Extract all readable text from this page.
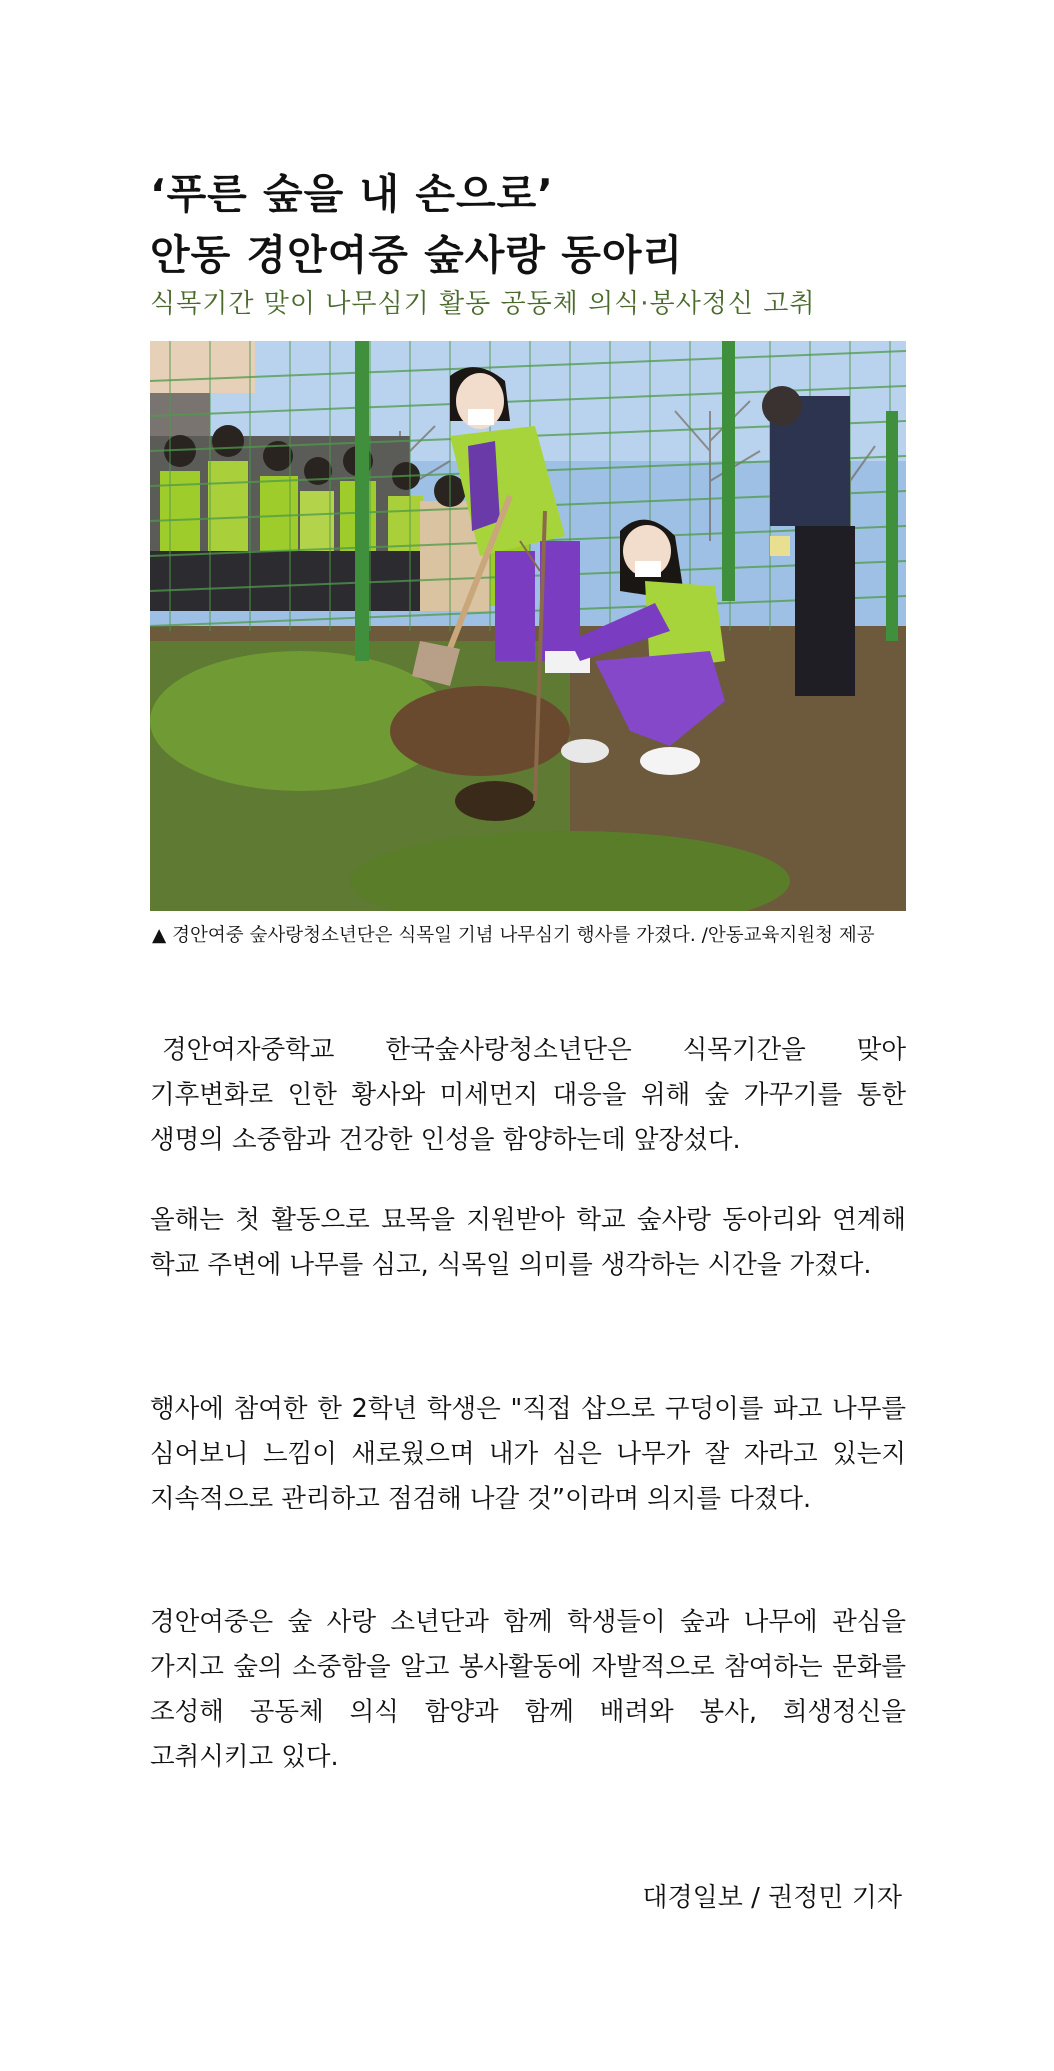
‘푸른 숲을 내 손으로’
안동 경안여중 숲사랑 동아리
식목기간 맞이 나무심기 활동 공동체 의식·봉사정신 고취
▲ 경안여중 숲사랑청소년단은 식목일 기념 나무심기 행사를 가졌다. /안동교육지원청 제공

경안여자중학교 한국숲사랑청소년단은 식목기간을 맞아 기후변화로 인한 황사와 미세먼지 대응을 위해 숲 가꾸기를 통한 생명의 소중함과 건강한 인성을 함양하는데 앞장섰다.

올해는 첫 활동으로 묘목을 지원받아 학교 숲사랑 동아리와 연계해 학교 주변에 나무를 심고, 식목일 의미를 생각하는 시간을 가졌다.

행사에 참여한 한 2학년 학생은 "직접 삽으로 구덩이를 파고 나무를 심어보니 느낌이 새로웠으며 내가 심은 나무가 잘 자라고 있는지 지속적으로 관리하고 점검해 나갈 것”이라며 의지를 다졌다.

경안여중은 숲 사랑 소년단과 함께 학생들이 숲과 나무에 관심을 가지고 숲의 소중함을 알고 봉사활동에 자발적으로 참여하는 문화를 조성해 공동체 의식 함양과 함께 배려와 봉사, 희생정신을 고취시키고 있다.

대경일보 / 권정민 기자
